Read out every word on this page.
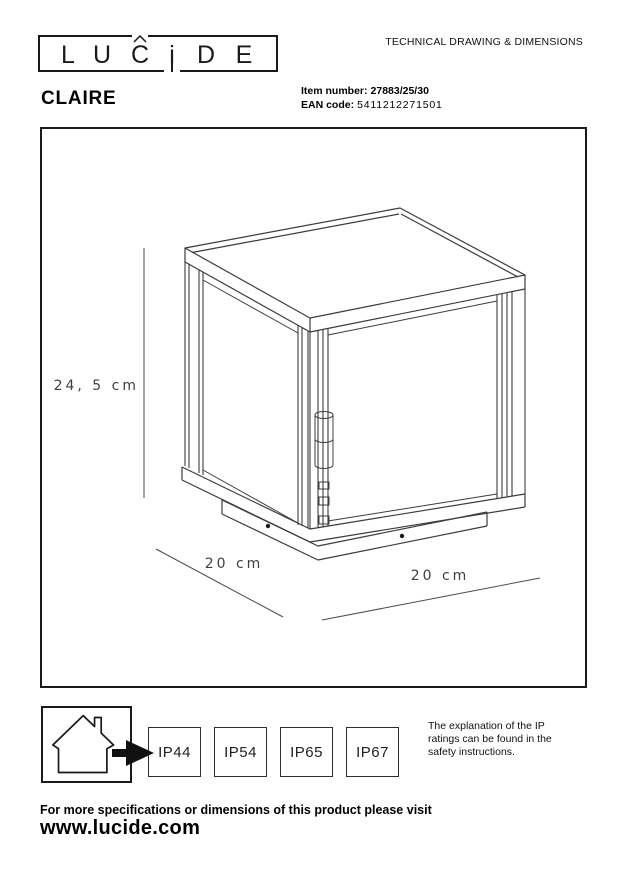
L U C i D E	TECHNICAL DRAWING & DIMENSIONS
CLAIRE	Item number: 27883/25/30
EAN code: 5411212271501
24, 5 cm
20 cm
20 cm
IP44	IP54	IP65	IP67
The explanation of the IP ratings can be found in the safety instructions.
For more specifications or dimensions of this product please visit
www.lucide.com
